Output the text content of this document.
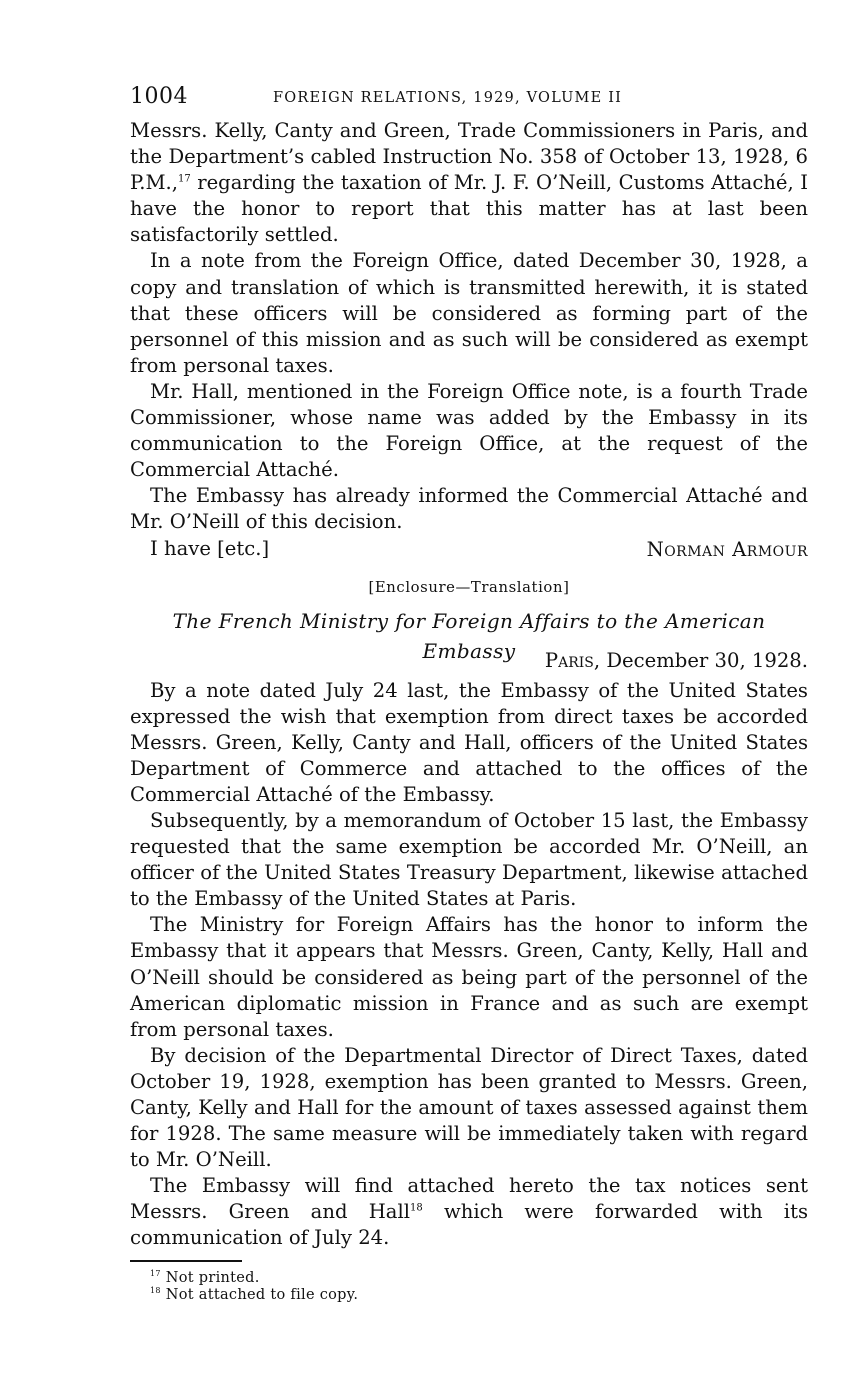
1004	FOREIGN RELATIONS, 1929, VOLUME II

Messrs. Kelly, Canty and Green, Trade Commissioners in Paris, and the Department’s cabled Instruction No. 358 of October 13, 1928, 6 P.M.,$^{17}$ regarding the taxation of Mr. J. F. O’Neill, Customs Attaché, I have the honor to report that this matter has at last been satisfactorily settled.

In a note from the Foreign Office, dated December 30, 1928, a copy and translation of which is transmitted herewith, it is stated that these officers will be considered as forming part of the personnel of this mission and as such will be considered as exempt from personal taxes.

Mr. Hall, mentioned in the Foreign Office note, is a fourth Trade Commissioner, whose name was added by the Embassy in its communication to the Foreign Office, at the request of the Commercial Attaché.

The Embassy has already informed the Commercial Attaché and Mr. O’Neill of this decision.

I have [etc.]	Norman Armour
[Enclosure—Translation]
The French Ministry for Foreign Affairs to the American Embassy	Paris, December 30, 1928.

By a note dated July 24 last, the Embassy of the United States expressed the wish that exemption from direct taxes be accorded Messrs. Green, Kelly, Canty and Hall, officers of the United States Department of Commerce and attached to the offices of the Commercial Attaché of the Embassy.

Subsequently, by a memorandum of October 15 last, the Embassy requested that the same exemption be accorded Mr. O’Neill, an officer of the United States Treasury Department, likewise attached to the Embassy of the United States at Paris.

The Ministry for Foreign Affairs has the honor to inform the Embassy that it appears that Messrs. Green, Canty, Kelly, Hall and O’Neill should be considered as being part of the personnel of the American diplomatic mission in France and as such are exempt from personal taxes.

By decision of the Departmental Director of Direct Taxes, dated October 19, 1928, exemption has been granted to Messrs. Green, Canty, Kelly and Hall for the amount of taxes assessed against them for 1928. The same measure will be immediately taken with regard to Mr. O’Neill.

The Embassy will find attached hereto the tax notices sent Messrs. Green and Hall$^{18}$ which were forwarded with its communication of July 24.

$^{17}$ Not printed.
$^{18}$ Not attached to file copy.
